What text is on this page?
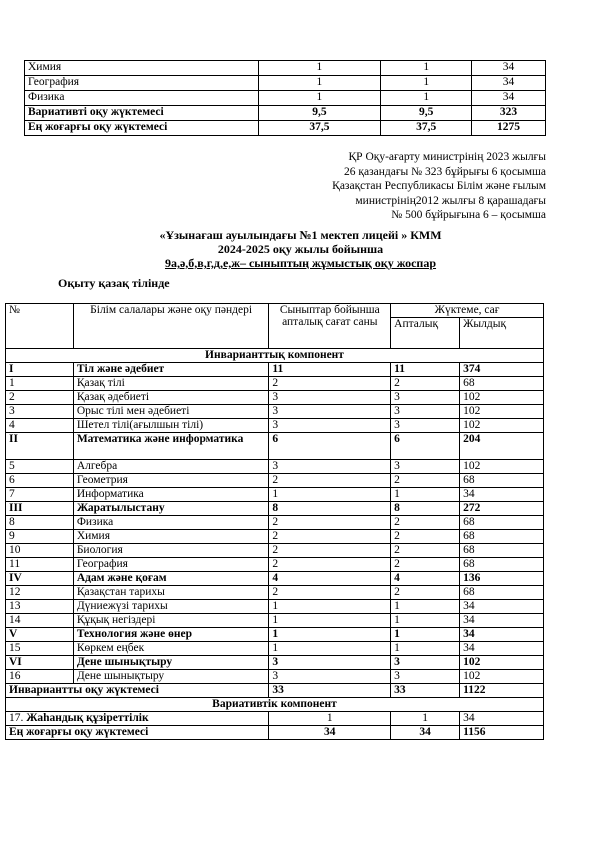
Химия	1	1	34
География	1	1	34
Физика	1	1	34
Вариативті оқу жүктемесі	9,5	9,5	323
Ең жоғарғы оқу жүктемесі	37,5	37,5	1275
ҚР Оқу-ағарту министрінің 2023 жылғы
26 қазандағы № 323 бұйрығы 6 қосымша
Қазақстан Республикасы Білім және ғылым
министрінің2012 жылғы 8 қарашадағы
№ 500 бұйрығына 6 – қосымша
«Ұзынағаш ауылындағы №1 мектеп лицейі » КММ
2024-2025 оқу жылы бойынша
9а,ә,б,в,г,д,е,ж– сыныптың жұмыстық оқу жоспар
Оқыту қазақ тілінде
№	Білім салалары және оқу пәндері	Сыныптар бойынша апталық сағат саны	Жүктеме, сағ	
			Апталық	Жылдық
Инварианттық компонент				
I	Тіл және әдебиет	11	11	374
1	Қазақ тілі	2	2	68
2	Қазақ әдебиеті	3	3	102
3	Орыс тілі мен әдебиеті	3	3	102
4	Шетел тілі(ағылшын тілі)	3	3	102
II	Математика және информатика	6	6	204
5	Алгебра	3	3	102
6	Геометрия	2	2	68
7	Информатика	1	1	34
III	Жаратылыстану	8	8	272
8	Физика	2	2	68
9	Химия	2	2	68
10	Биология	2	2	68
11	География	2	2	68
IV	Адам және қоғам	4	4	136
12	Қазақстан тарихы	2	2	68
13	Дүниежүзі тарихы	1	1	34
14	Құқық негіздері	1	1	34
V	Технология және өнер	1	1	34
15	Көркем еңбек	1	1	34
VI	Дене шынықтыру	3	3	102
16	Дене шынықтыру	3	3	102
Инвариантты оқу жүктемесі		33	33	1122
Вариативтік компонент				
17. Жаһандық құзіреттілік		1	1	34
Ең жоғарғы оқу жүктемесі		34	34	1156
